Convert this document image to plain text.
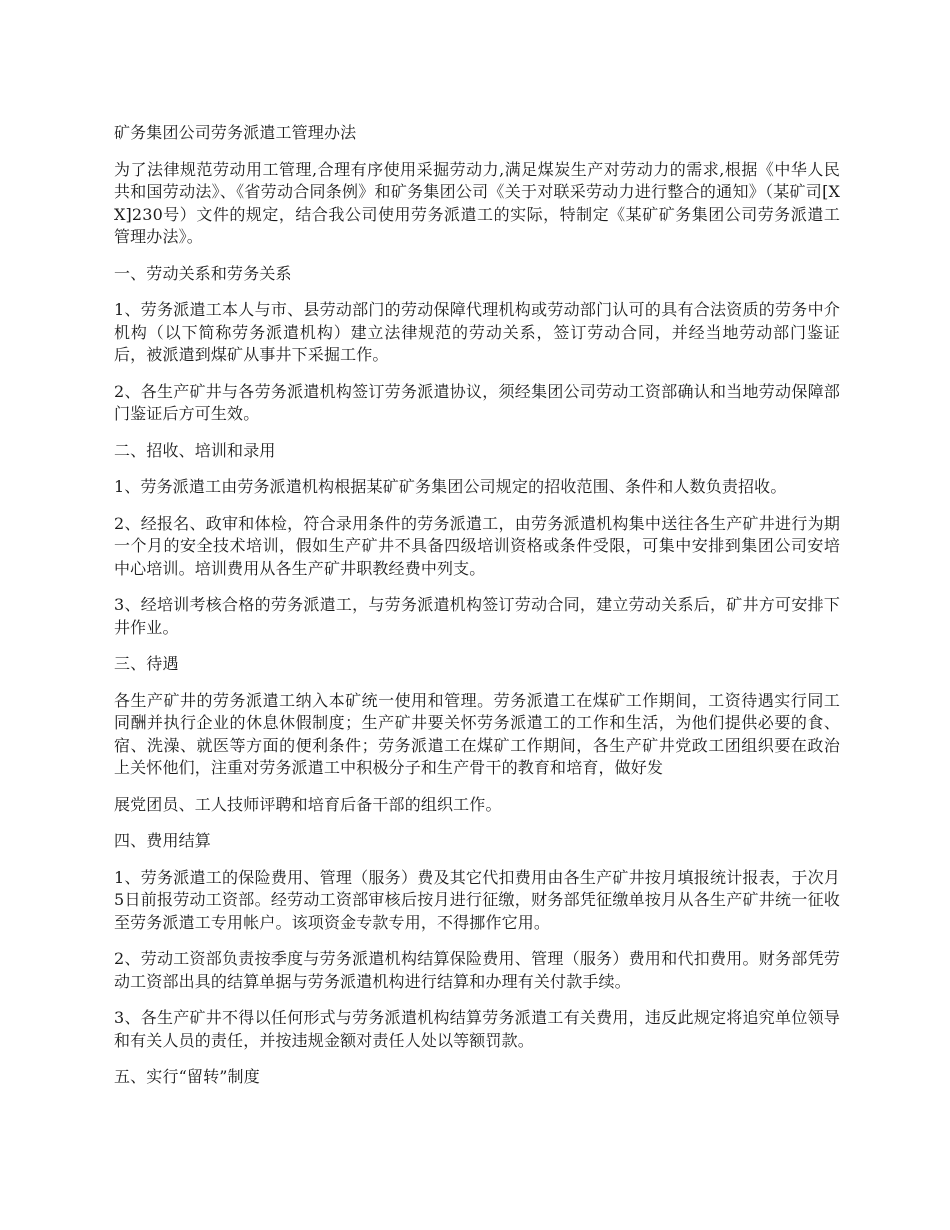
矿务集团公司劳务派遣工管理办法

为了法律规范劳动用工管理,合理有序使用采掘劳动力,满足煤炭生产对劳动力的需求,根据《中华人民共和国劳动法》、《省劳动合同条例》和矿务集团公司《关于对联采劳动力进行整合的通知》（某矿司[XX]230号）文件的规定，结合我公司使用劳务派遣工的实际，特制定《某矿矿务集团公司劳务派遣工管理办法》。

一、劳动关系和劳务关系

1、劳务派遣工本人与市、县劳动部门的劳动保障代理机构或劳动部门认可的具有合法资质的劳务中介机构（以下简称劳务派遣机构）建立法律规范的劳动关系，签订劳动合同，并经当地劳动部门鉴证后，被派遣到煤矿从事井下采掘工作。

2、各生产矿井与各劳务派遣机构签订劳务派遣协议，须经集团公司劳动工资部确认和当地劳动保障部门鉴证后方可生效。

二、招收、培训和录用

1、劳务派遣工由劳务派遣机构根据某矿矿务集团公司规定的招收范围、条件和人数负责招收。

2、经报名、政审和体检，符合录用条件的劳务派遣工，由劳务派遣机构集中送往各生产矿井进行为期一个月的安全技术培训，假如生产矿井不具备四级培训资格或条件受限，可集中安排到集团公司安培中心培训。培训费用从各生产矿井职教经费中列支。

3、经培训考核合格的劳务派遣工，与劳务派遣机构签订劳动合同，建立劳动关系后，矿井方可安排下井作业。

三、待遇

各生产矿井的劳务派遣工纳入本矿统一使用和管理。劳务派遣工在煤矿工作期间，工资待遇实行同工同酬并执行企业的休息休假制度；生产矿井要关怀劳务派遣工的工作和生活，为他们提供必要的食、宿、洗澡、就医等方面的便利条件；劳务派遣工在煤矿工作期间，各生产矿井党政工团组织要在政治上关怀他们，注重对劳务派遣工中积极分子和生产骨干的教育和培育，做好发

展党团员、工人技师评聘和培育后备干部的组织工作。

四、费用结算

1、劳务派遣工的保险费用、管理（服务）费及其它代扣费用由各生产矿井按月填报统计报表，于次月5日前报劳动工资部。经劳动工资部审核后按月进行征缴，财务部凭征缴单按月从各生产矿井统一征收至劳务派遣工专用帐户。该项资金专款专用，不得挪作它用。

2、劳动工资部负责按季度与劳务派遣机构结算保险费用、管理（服务）费用和代扣费用。财务部凭劳动工资部出具的结算单据与劳务派遣机构进行结算和办理有关付款手续。

3、各生产矿井不得以任何形式与劳务派遣机构结算劳务派遣工有关费用，违反此规定将追究单位领导和有关人员的责任，并按违规金额对责任人处以等额罚款。

五、实行“留转”制度
